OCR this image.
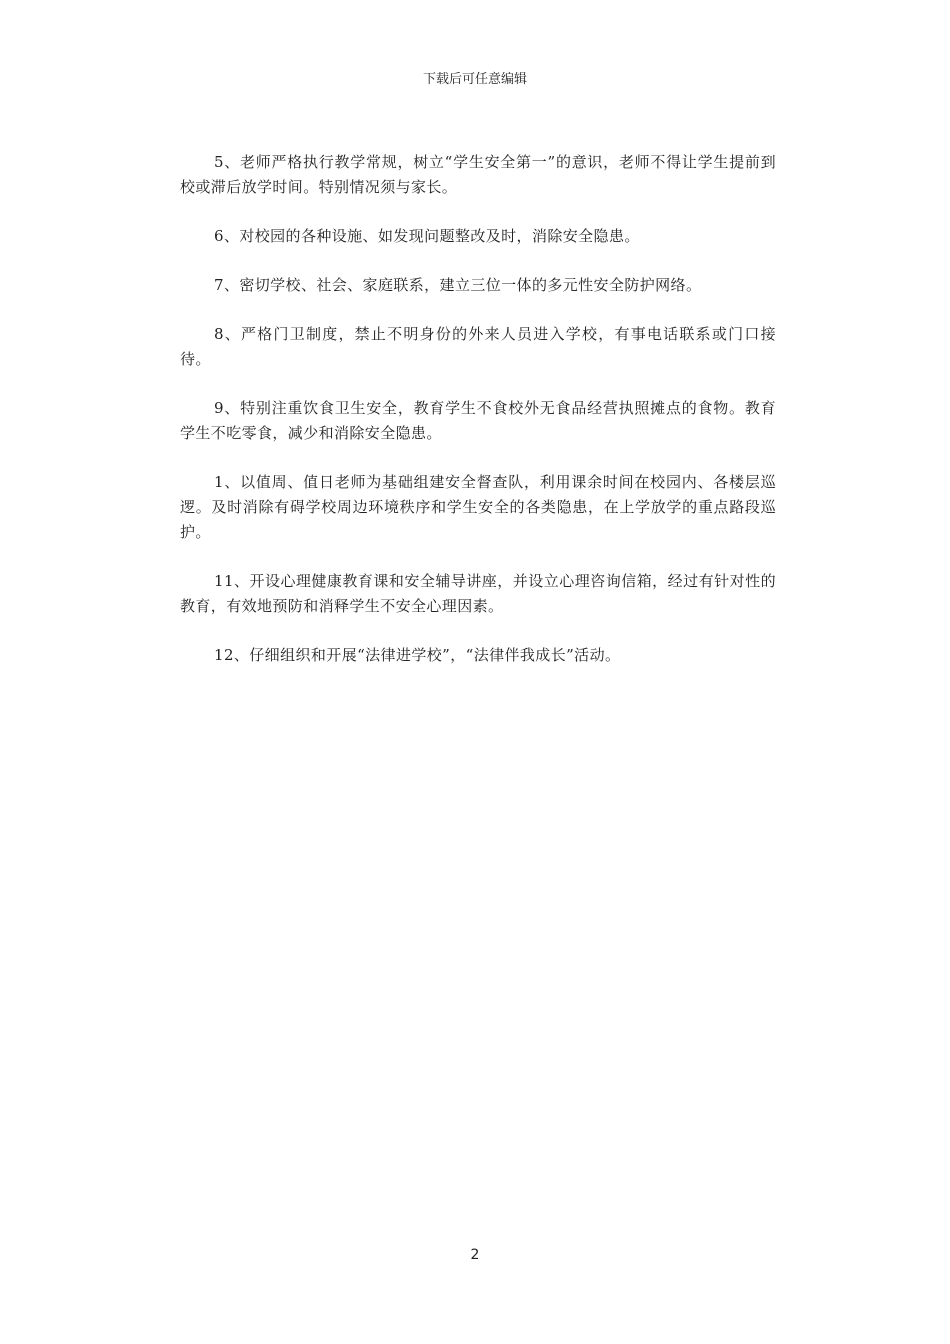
下载后可任意编辑

5、老师严格执行教学常规，树立“学生安全第一”的意识，老师不得让学生提前到校或滞后放学时间。特别情况须与家长。

6、对校园的各种设施、如发现问题整改及时，消除安全隐患。

7、密切学校、社会、家庭联系，建立三位一体的多元性安全防护网络。

8、严格门卫制度，禁止不明身份的外来人员进入学校，有事电话联系或门口接待。

9、特别注重饮食卫生安全，教育学生不食校外无食品经营执照摊点的食物。教育学生不吃零食，减少和消除安全隐患。

1、以值周、值日老师为基础组建安全督查队，利用课余时间在校园内、各楼层巡逻。及时消除有碍学校周边环境秩序和学生安全的各类隐患，在上学放学的重点路段巡护。

11、开设心理健康教育课和安全辅导讲座，并设立心理咨询信箱，经过有针对性的教育，有效地预防和消释学生不安全心理因素。

12、仔细组织和开展“法律进学校”，“法律伴我成长”活动。

2
